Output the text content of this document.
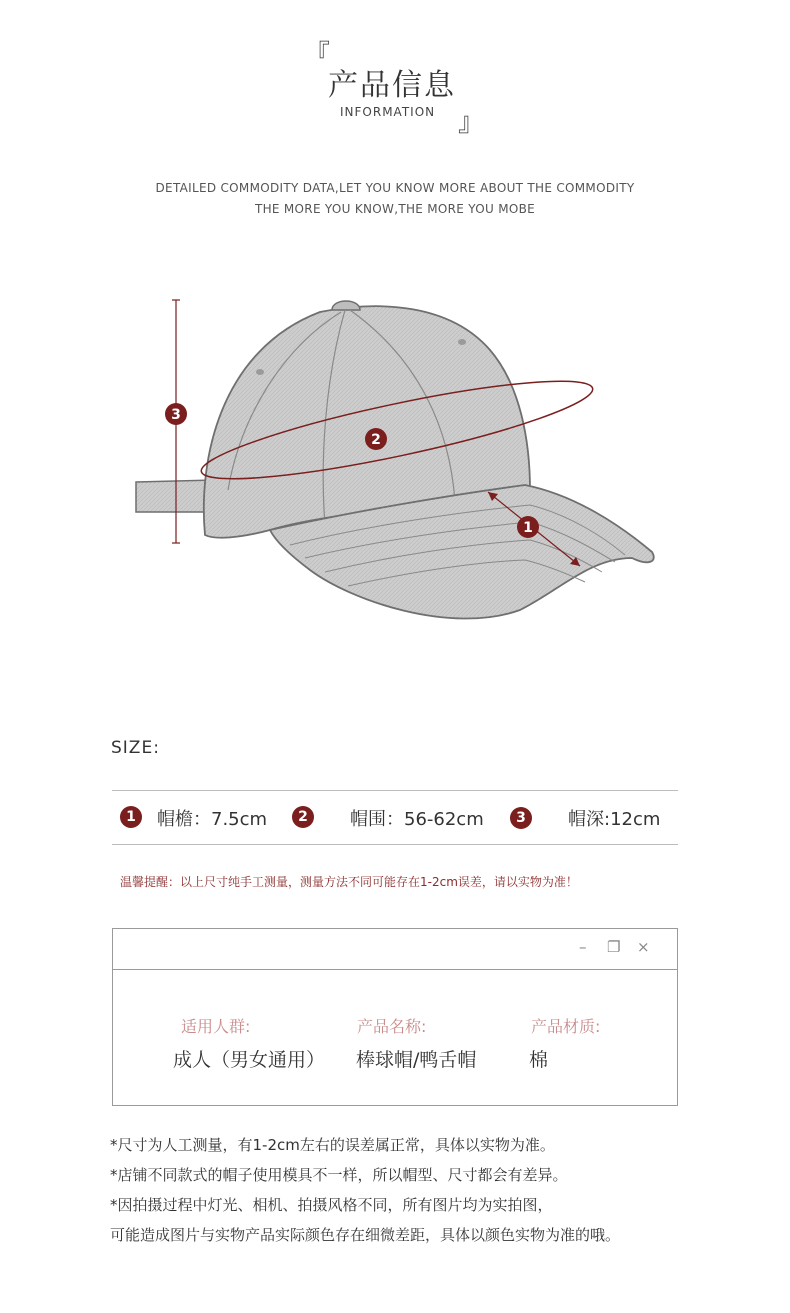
『
产品信息
INFORMATION 』
DETAILED COMMODITY DATA,LET YOU KNOW MORE ABOUT THE COMMODITY
THE MORE YOU KNOW,THE MORE YOU MOBE
3
2
1
SIZE:
1	帽檐：7.5cm	2	帽围：56-62cm	3	帽深:12cm
温馨提醒：以上尺寸纯手工测量，测量方法不同可能存在1-2cm误差，请以实物为准！
– ❐ ×
适用人群:
成人（男女通用）
产品名称:
棒球帽/鸭舌帽
产品材质:
棉
*尺寸为人工测量，有1-2cm左右的误差属正常，具体以实物为准。
*店铺不同款式的帽子使用模具不一样，所以帽型、尺寸都会有差异。
*因拍摄过程中灯光、相机、拍摄风格不同，所有图片均为实拍图，
可能造成图片与实物产品实际颜色存在细微差距，具体以颜色实物为准的哦。
